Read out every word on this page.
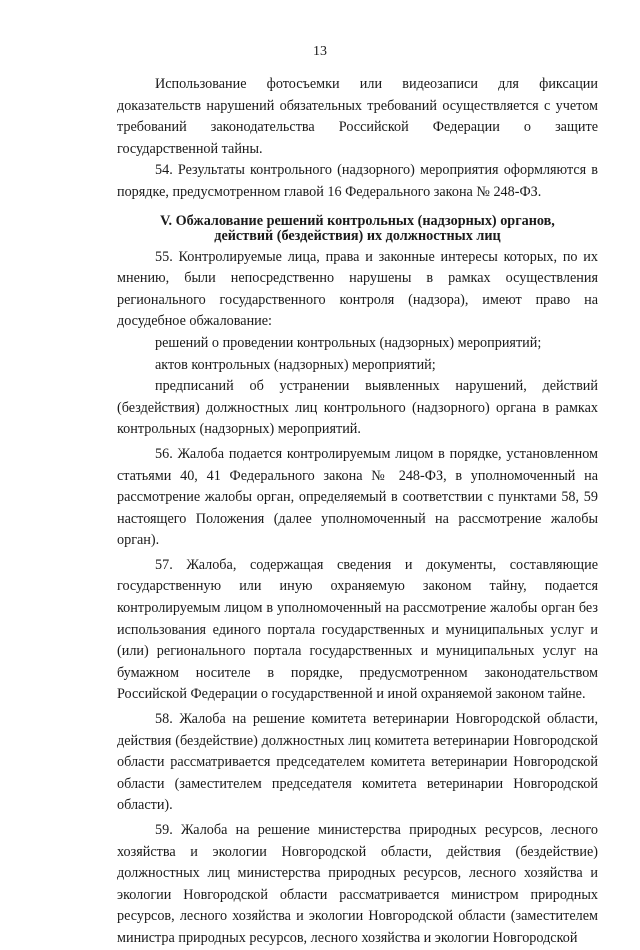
13

Использование фотосъемки или видеозаписи для фиксации доказательств нарушений обязательных требований осуществляется с учетом требований законодательства Российской Федерации о защите государственной тайны.

54. Результаты контрольного (надзорного) мероприятия оформляются в порядке, предусмотренном главой 16 Федерального закона № 248-ФЗ.

V. Обжалование решений контрольных (надзорных) органов, действий (бездействия) их должностных лиц

55. Контролируемые лица, права и законные интересы которых, по их мнению, были непосредственно нарушены в рамках осуществления регионального государственного контроля (надзора), имеют право на досудебное обжалование:

решений о проведении контрольных (надзорных) мероприятий;

актов контрольных (надзорных) мероприятий;

предписаний об устранении выявленных нарушений, действий (бездействия) должностных лиц контрольного (надзорного) органа в рамках контрольных (надзорных) мероприятий.

56. Жалоба подается контролируемым лицом в порядке, установленном статьями 40, 41 Федерального закона № 248-ФЗ, в уполномоченный на рассмотрение жалобы орган, определяемый в соответствии с пунктами 58, 59 настоящего Положения (далее уполномоченный на рассмотрение жалобы орган).

57. Жалоба, содержащая сведения и документы, составляющие государственную или иную охраняемую законом тайну, подается контролируемым лицом в уполномоченный на рассмотрение жалобы орган без использования единого портала государственных и муниципальных услуг и (или) регионального портала государственных и муниципальных услуг на бумажном носителе в порядке, предусмотренном законодательством Российской Федерации о государственной и иной охраняемой законом тайне.

58. Жалоба на решение комитета ветеринарии Новгородской области, действия (бездействие) должностных лиц комитета ветеринарии Новгородской области рассматривается председателем комитета ветеринарии Новгородской области (заместителем председателя комитета ветеринарии Новгородской области).

59. Жалоба на решение министерства природных ресурсов, лесного хозяйства и экологии Новгородской области, действия (бездействие) должностных лиц министерства природных ресурсов, лесного хозяйства и экологии Новгородской области рассматривается министром природных ресурсов, лесного хозяйства и экологии Новгородской области (заместителем министра природных ресурсов, лесного хозяйства и экологии Новгородской
